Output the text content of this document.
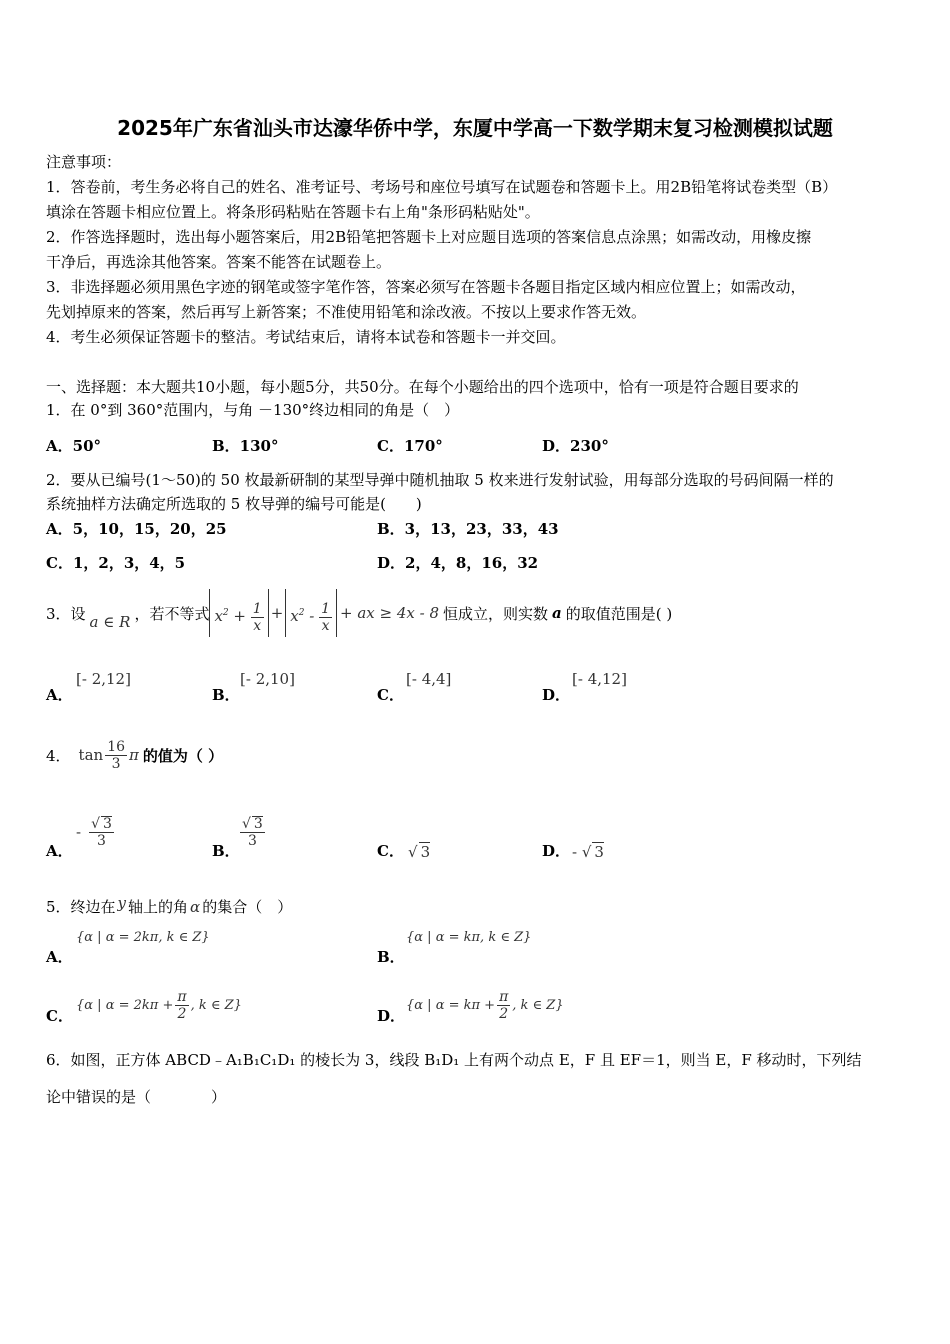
2025年广东省汕头市达濠华侨中学，东厦中学高一下数学期末复习检测模拟试题
注意事项：
1．答卷前，考生务必将自己的姓名、准考证号、考场号和座位号填写在试题卷和答题卡上。用2B铅笔将试卷类型（B）
填涂在答题卡相应位置上。将条形码粘贴在答题卡右上角"条形码粘贴处"。
2．作答选择题时，选出每小题答案后，用2B铅笔把答题卡上对应题目选项的答案信息点涂黑；如需改动，用橡皮擦
干净后，再选涂其他答案。答案不能答在试题卷上。
3．非选择题必须用黑色字迹的钢笔或签字笔作答，答案必须写在答题卡各题目指定区域内相应位置上；如需改动，
先划掉原来的答案，然后再写上新答案；不准使用铅笔和涂改液。不按以上要求作答无效。
4．考生必须保证答题卡的整洁。考试结束后，请将本试卷和答题卡一并交回。
一、选择题：本大题共10小题，每小题5分，共50分。在每个小题给出的四个选项中，恰有一项是符合题目要求的
1．在 0°到 360°范围内，与角 －130°终边相同的角是（　）
A．50°	B．130°	C．170°	D．230°
2．要从已编号(1～50)的 50 枚最新研制的某型导弹中随机抽取 5 枚来进行发射试验，用每部分选取的号码间隔一样的
系统抽样方法确定所选取的 5 枚导弹的编号可能是(　　)
A．5，10，15，20，25	B．3，13，23，33，43
C．1，2，3，4，5	D．2，4，8，16，32
3．设 a ∈ R ，若不等式 $x^2 + \frac{1}{x} + x^2 - \frac{1}{x}$ + ax ≥ 4x - 8 恒成立，则实数 a 的取值范围是( )
A．
[- 2,12]
B．
[- 2,10]
C．
[- 4,4]
D．
[- 4,12]
4． $\tan \frac{16}{3}$ π 的值为（ ）
A．
- $\frac{√ 3}{3}$
B．
$\frac{√ 3}{3}$
C． √ 3	D． - √ 3
5．终边在 y 轴上的角 α 的集合（　）
A．
{α | α = 2kπ, k ∈ Z}
B．
{α | α = kπ, k ∈ Z}
C．
{α | $\alpha = 2k\pi + \frac{\pi}{2}$ , k ∈ Z}
D．
{α | $\alpha = k\pi + \frac{\pi}{2}$ , k ∈ Z}
6．如图，正方体 ABCD﹣A₁B₁C₁D₁ 的棱长为 3，线段 B₁D₁ 上有两个动点 E，F 且 EF＝1，则当 E，F 移动时，下列结
论中错误的是（　　　　）
